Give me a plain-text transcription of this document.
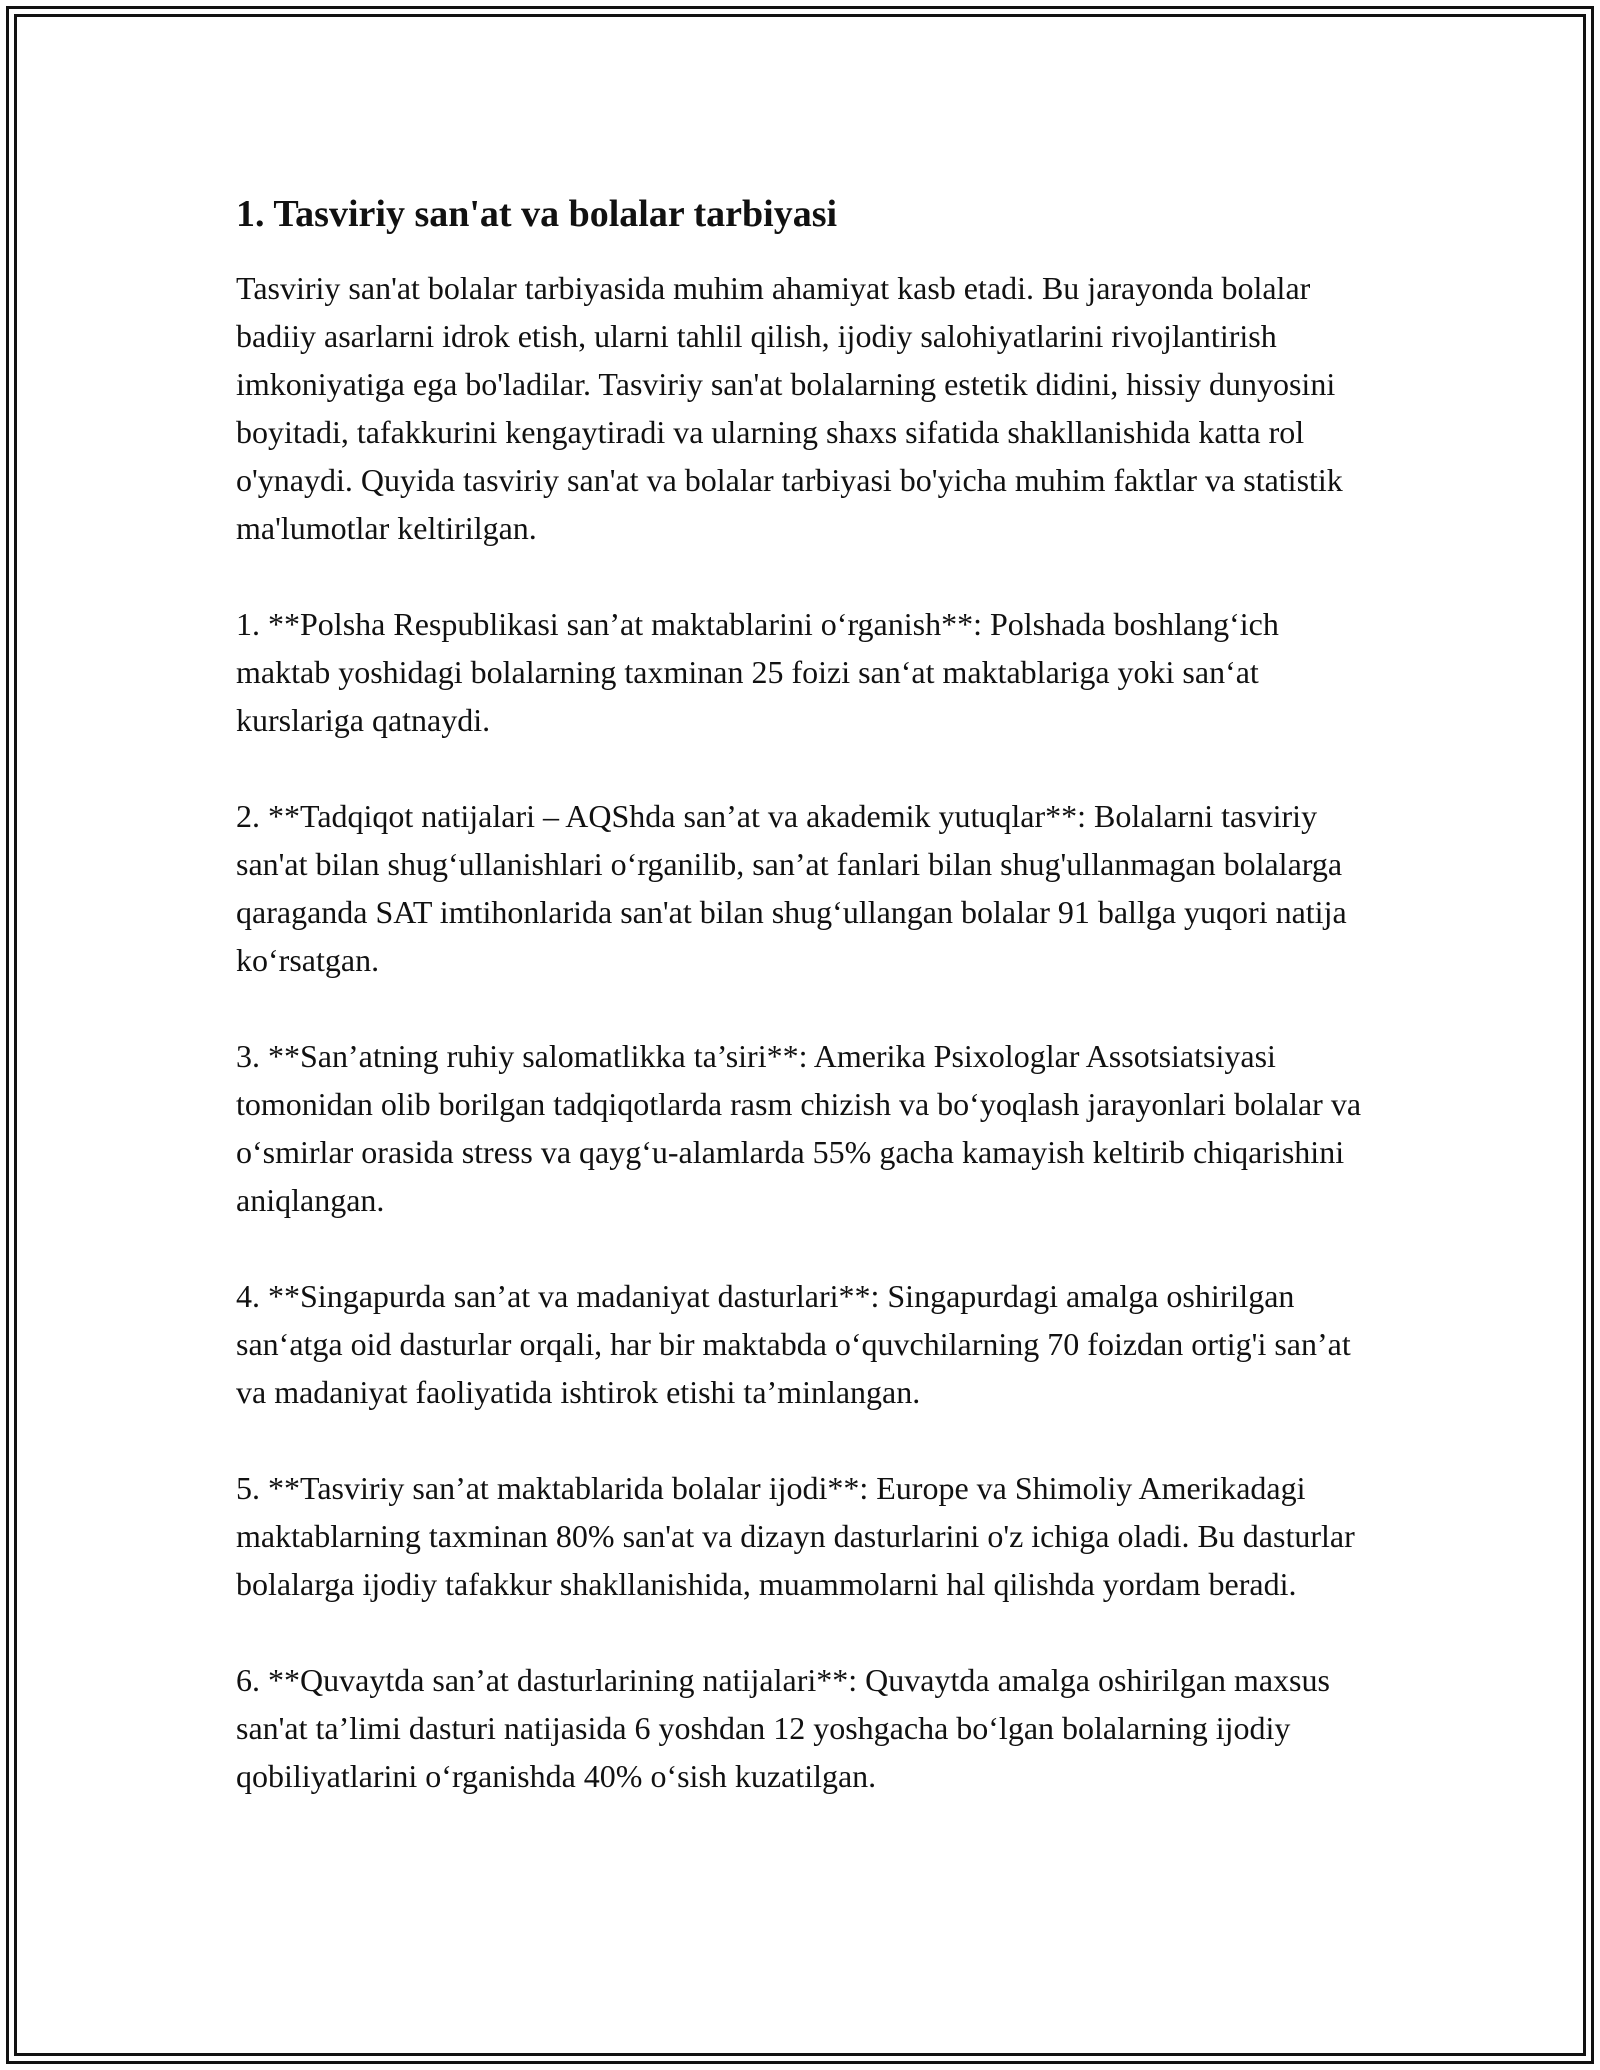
1. Tasviriy san'at va bolalar tarbiyasi

Tasviriy san'at bolalar tarbiyasida muhim ahamiyat kasb etadi. Bu jarayonda bolalar badiiy asarlarni idrok etish, ularni tahlil qilish, ijodiy salohiyatlarini rivojlantirish imkoniyatiga ega bo'ladilar. Tasviriy san'at bolalarning estetik didini, hissiy dunyosini boyitadi, tafakkurini kengaytiradi va ularning shaxs sifatida shakllanishida katta rol o'ynaydi. Quyida tasviriy san'at va bolalar tarbiyasi bo'yicha muhim faktlar va statistik ma'lumotlar keltirilgan.

1. **Polsha Respublikasi san’at maktablarini o‘rganish**: Polshada boshlang‘ich maktab yoshidagi bolalarning taxminan 25 foizi san‘at maktablariga yoki san‘at kurslariga qatnaydi.

2. **Tadqiqot natijalari – AQShda san’at va akademik yutuqlar**: Bolalarni tasviriy san'at bilan shug‘ullanishlari o‘rganilib, san’at fanlari bilan shug'ullanmagan bolalarga qaraganda SAT imtihonlarida san'at bilan shug‘ullangan bolalar 91 ballga yuqori natija ko‘rsatgan.

3. **San’atning ruhiy salomatlikka ta’siri**: Amerika Psixologlar Assotsiatsiyasi tomonidan olib borilgan tadqiqotlarda rasm chizish va bo‘yoqlash jarayonlari bolalar va o‘smirlar orasida stress va qayg‘u-alamlarda 55% gacha kamayish keltirib chiqarishini aniqlangan.

4. **Singapurda san’at va madaniyat dasturlari**: Singapurdagi amalga oshirilgan san‘atga oid dasturlar orqali, har bir maktabda o‘quvchilarning 70 foizdan ortig'i san’at va madaniyat faoliyatida ishtirok etishi ta’minlangan.

5. **Tasviriy san’at maktablarida bolalar ijodi**: Europe va Shimoliy Amerikadagi maktablarning taxminan 80% san'at va dizayn dasturlarini o'z ichiga oladi. Bu dasturlar bolalarga ijodiy tafakkur shakllanishida, muammolarni hal qilishda yordam beradi.

6. **Quvaytda san’at dasturlarining natijalari**: Quvaytda amalga oshirilgan maxsus san'at ta’limi dasturi natijasida 6 yoshdan 12 yoshgacha bo‘lgan bolalarning ijodiy qobiliyatlarini o‘rganishda 40% o‘sish kuzatilgan.
